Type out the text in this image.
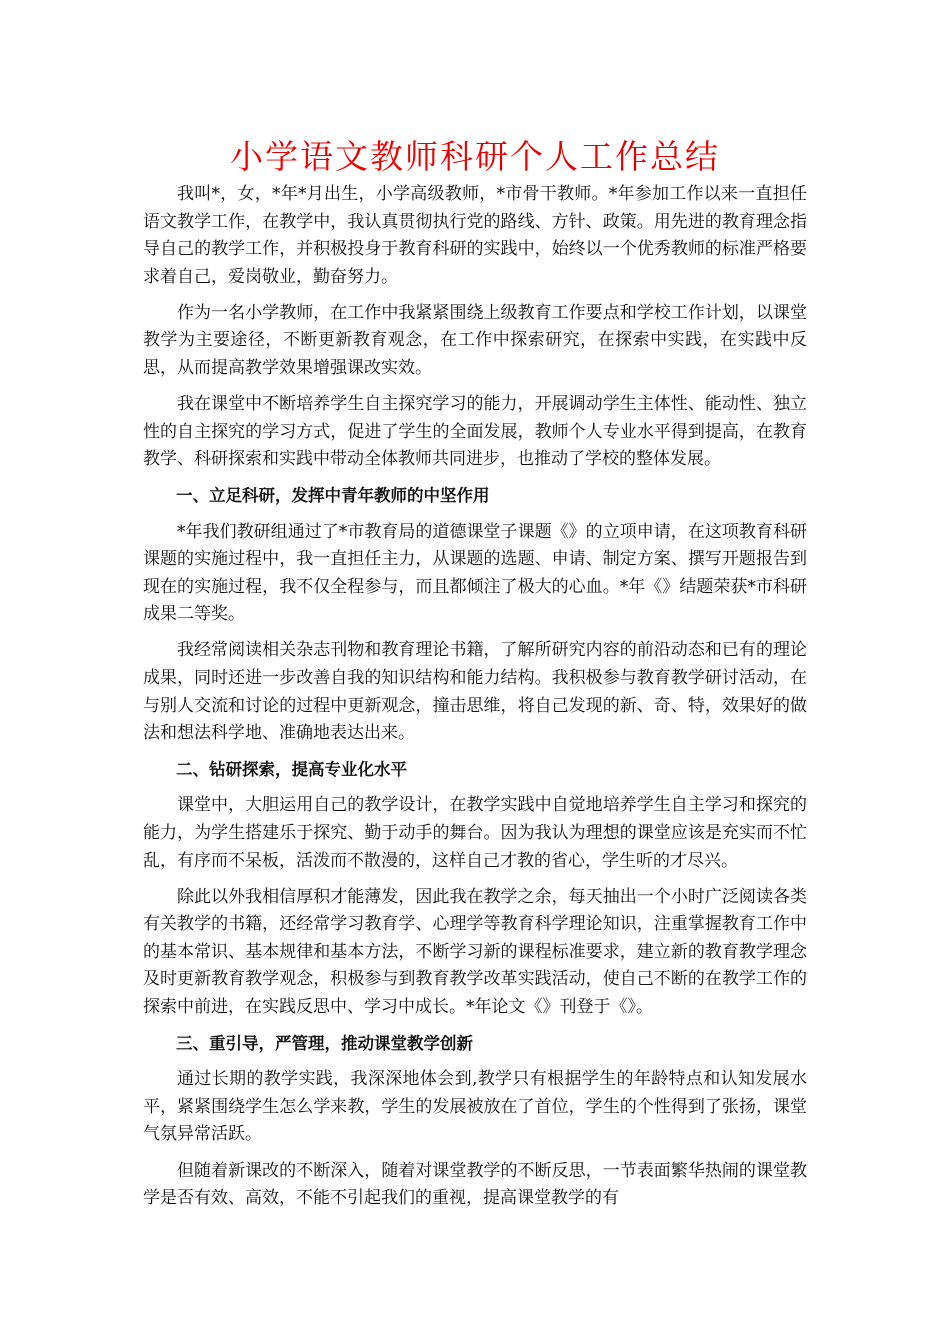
小学语文教师科研个人工作总结

我叫*，女，*年*月出生，小学高级教师，*市骨干教师。*年参加工作以来一直担任语文教学工作，在教学中，我认真贯彻执行党的路线、方针、政策。用先进的教育理念指导自己的教学工作，并积极投身于教育科研的实践中，始终以一个优秀教师的标准严格要求着自己，爱岗敬业，勤奋努力。

作为一名小学教师，在工作中我紧紧围绕上级教育工作要点和学校工作计划，以课堂教学为主要途径，不断更新教育观念，在工作中探索研究，在探索中实践，在实践中反思，从而提高教学效果增强课改实效。

我在课堂中不断培养学生自主探究学习的能力，开展调动学生主体性、能动性、独立性的自主探究的学习方式，促进了学生的全面发展，教师个人专业水平得到提高，在教育教学、科研探索和实践中带动全体教师共同进步，也推动了学校的整体发展。

一、立足科研，发挥中青年教师的中坚作用

*年我们教研组通过了*市教育局的道德课堂子课题《》的立项申请，在这项教育科研课题的实施过程中，我一直担任主力，从课题的选题、申请、制定方案、撰写开题报告到现在的实施过程，我不仅全程参与，而且都倾注了极大的心血。*年《》结题荣获*市科研成果二等奖。

我经常阅读相关杂志刊物和教育理论书籍，了解所研究内容的前沿动态和已有的理论成果，同时还进一步改善自我的知识结构和能力结构。我积极参与教育教学研讨活动，在与别人交流和讨论的过程中更新观念，撞击思维，将自己发现的新、奇、特，效果好的做法和想法科学地、准确地表达出来。

二、钻研探索，提高专业化水平

课堂中，大胆运用自己的教学设计，在教学实践中自觉地培养学生自主学习和探究的能力，为学生搭建乐于探究、勤于动手的舞台。因为我认为理想的课堂应该是充实而不忙乱，有序而不呆板，活泼而不散漫的，这样自己才教的省心，学生听的才尽兴。

除此以外我相信厚积才能薄发，因此我在教学之余，每天抽出一个小时广泛阅读各类有关教学的书籍，还经常学习教育学、心理学等教育科学理论知识，注重掌握教育工作中的基本常识、基本规律和基本方法，不断学习新的课程标准要求，建立新的教育教学理念及时更新教育教学观念，积极参与到教育教学改革实践活动，使自己不断的在教学工作的探索中前进，在实践反思中、学习中成长。*年论文《》刊登于《》。

三、重引导，严管理，推动课堂教学创新

通过长期的教学实践，我深深地体会到,教学只有根据学生的年龄特点和认知发展水平，紧紧围绕学生怎么学来教，学生的发展被放在了首位，学生的个性得到了张扬，课堂气氛异常活跃。

但随着新课改的不断深入，随着对课堂教学的不断反思，一节表面繁华热闹的课堂教学是否有效、高效，不能不引起我们的重视，提高课堂教学的有
